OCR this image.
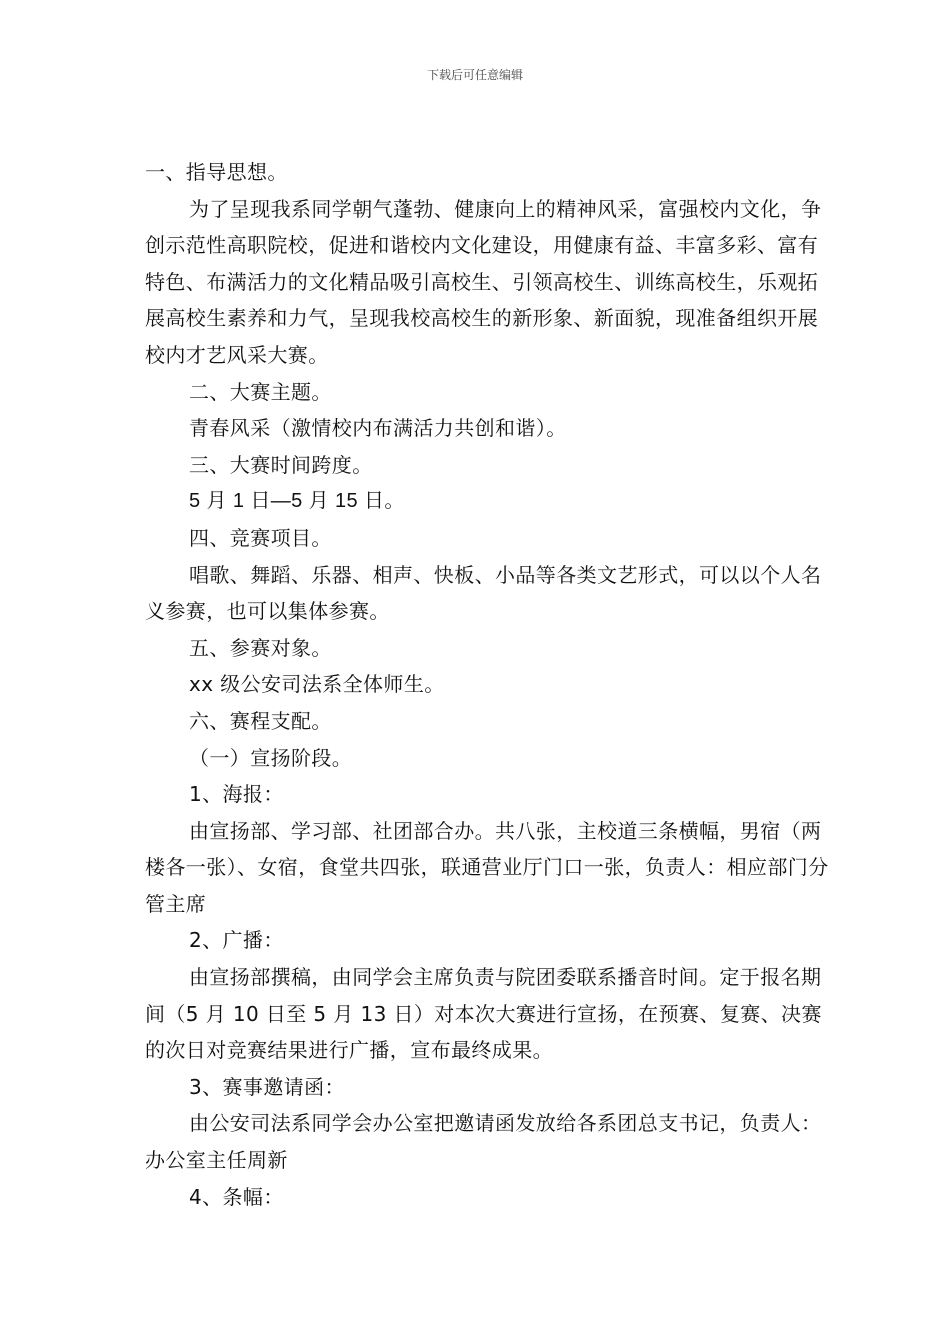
下载后可任意编辑

一、指导思想。

为了呈现我系同学朝气蓬勃、健康向上的精神风采，富强校内文化，争创示范性高职院校，促进和谐校内文化建设，用健康有益、丰富多彩、富有特色、布满活力的文化精品吸引高校生、引领高校生、训练高校生，乐观拓展高校生素养和力气，呈现我校高校生的新形象、新面貌，现准备组织开展校内才艺风采大赛。

二、大赛主题。

青春风采（激情校内布满活力共创和谐）。

三、大赛时间跨度。

5 月 1 日—5 月 15 日。

四、竞赛项目。

唱歌、舞蹈、乐器、相声、快板、小品等各类文艺形式，可以以个人名义参赛，也可以集体参赛。

五、参赛对象。

xx 级公安司法系全体师生。

六、赛程支配。

（一）宣扬阶段。

1、海报：

由宣扬部、学习部、社团部合办。共八张，主校道三条横幅，男宿（两楼各一张）、女宿，食堂共四张，联通营业厅门口一张，负责人：相应部门分管主席

2、广播：

由宣扬部撰稿，由同学会主席负责与院团委联系播音时间。定于报名期间（5 月 10 日至 5 月 13 日）对本次大赛进行宣扬，在预赛、复赛、决赛的次日对竞赛结果进行广播，宣布最终成果。

3、赛事邀请函：

由公安司法系同学会办公室把邀请函发放给各系团总支书记，负责人：办公室主任周新

4、条幅：
